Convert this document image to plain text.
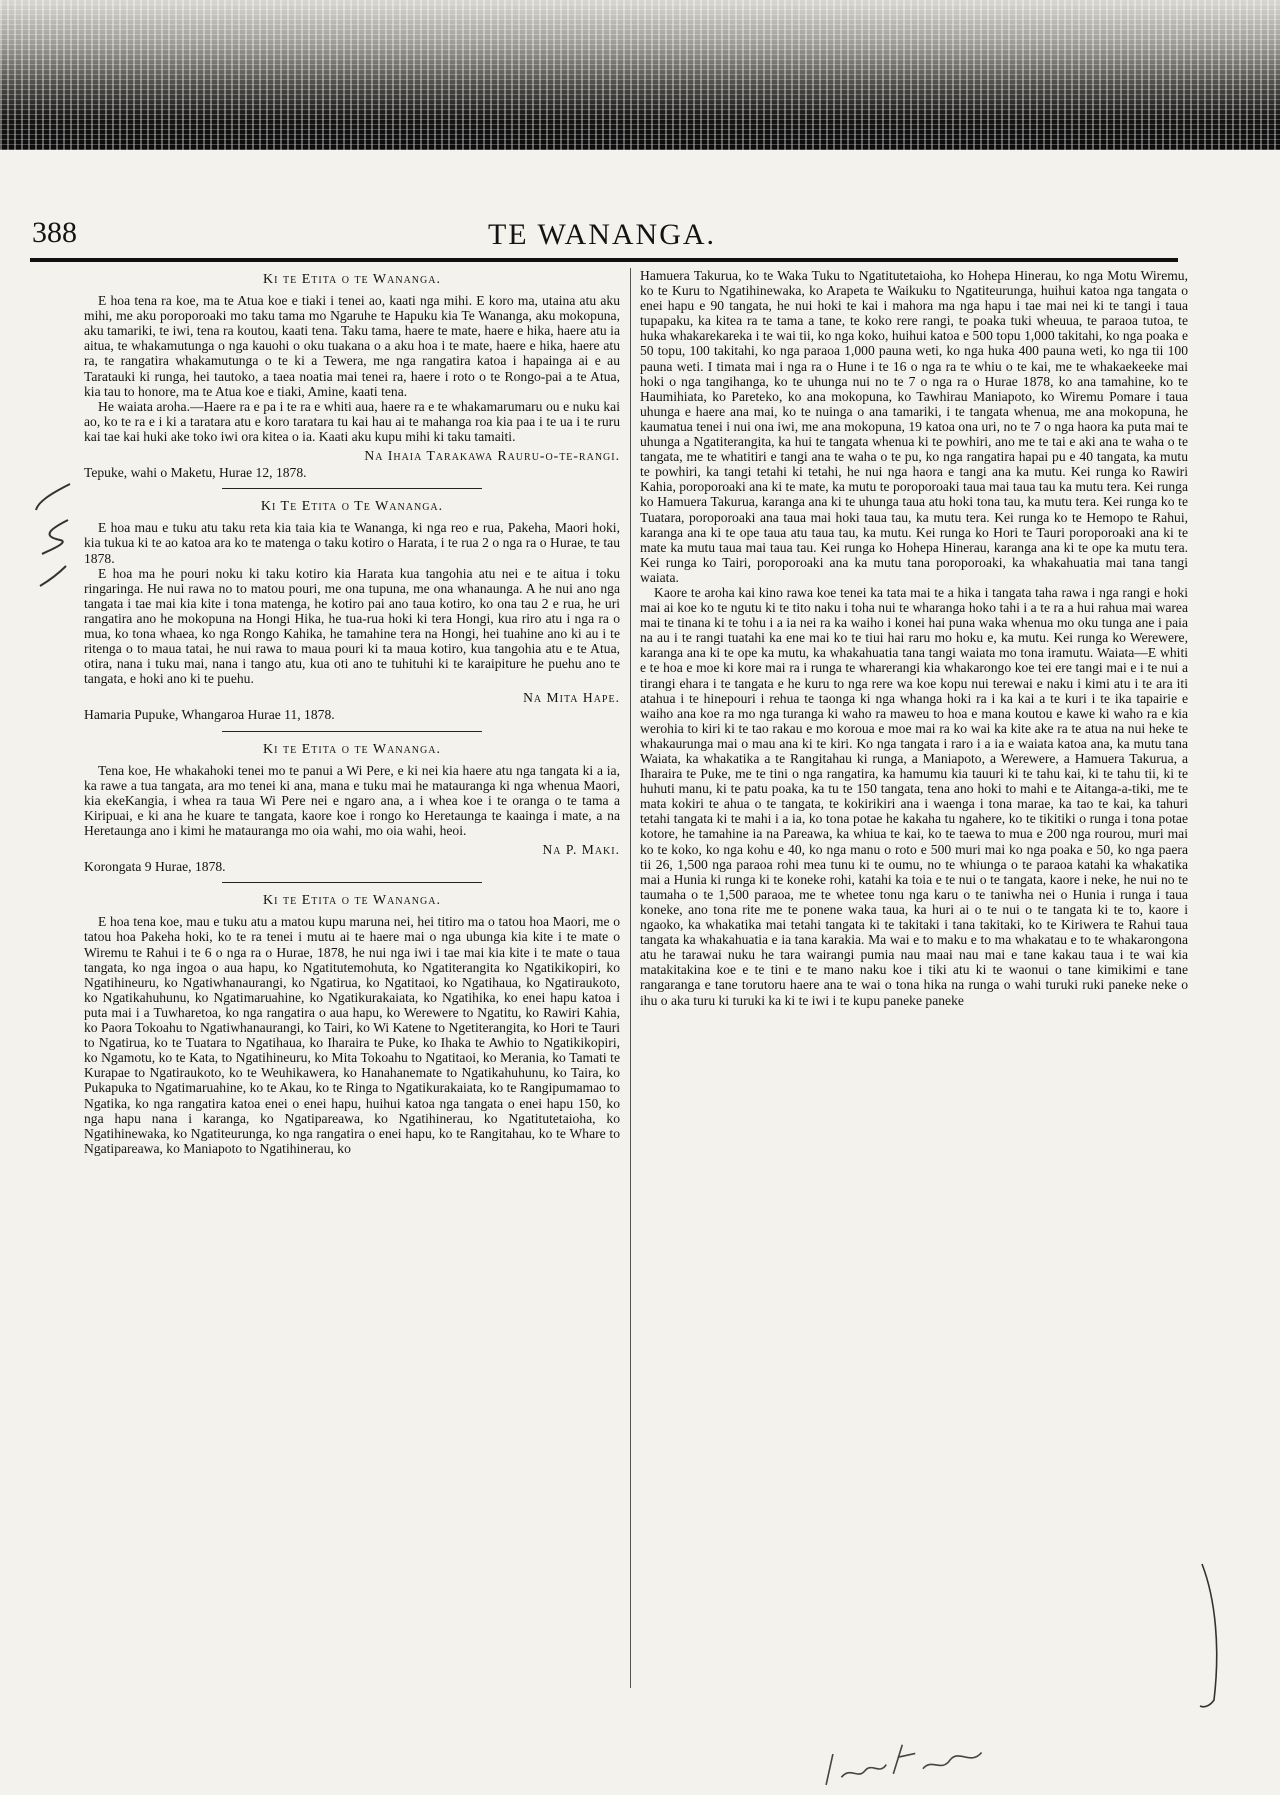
388	TE WANANGA.
Ki te Etita o te Wananga.

E hoa tena ra koe, ma te Atua koe e tiaki i tenei ao, kaati nga mihi. E koro ma, utaina atu aku mihi, me aku poroporoaki mo taku tama mo Ngaruhe te Hapuku kia Te Wananga, aku mokopuna, aku tamariki, te iwi, tena ra koutou, kaati tena. Taku tama, haere te mate, haere e hika, haere atu ia aitua, te whakamutunga o nga kauohi o oku tuakana o a aku hoa i te mate, haere e hika, haere atu ra, te rangatira whakamutunga o te ki a Tewera, me nga rangatira katoa i hapainga ai e au Taratauki ki runga, hei tautoko, a taea noatia mai tenei ra, haere i roto o te Rongo-pai a te Atua, kia tau to honore, ma te Atua koe e tiaki, Amine, kaati tena.

He waiata aroha.—Haere ra e pa i te ra e whiti aua, haere ra e te whakamarumaru ou e nuku kai ao, ko te ra e i ki a taratara atu e koro taratara tu kai hau ai te mahanga roa kia paa i te ua i te ruru kai tae kai huki ake toko iwi ora kitea o ia. Kaati aku kupu mihi ki taku tamaiti.

Na Ihaia Tarakawa Rauru-o-te-rangi.
Tepuke, wahi o Maketu, Hurae 12, 1878.
Ki Te Etita o Te Wananga.

E hoa mau e tuku atu taku reta kia taia kia te Wananga, ki nga reo e rua, Pakeha, Maori hoki, kia tukua ki te ao katoa ara ko te matenga o taku kotiro o Harata, i te rua 2 o nga ra o Hurae, te tau 1878.

E hoa ma he pouri noku ki taku kotiro kia Harata kua tangohia atu nei e te aitua i toku ringaringa. He nui rawa no to matou pouri, me ona tupuna, me ona whanaunga. A he nui ano nga tangata i tae mai kia kite i tona matenga, he kotiro pai ano taua kotiro, ko ona tau 2 e rua, he uri rangatira ano he mokopuna na Hongi Hika, he tua-rua hoki ki tera Hongi, kua riro atu i nga ra o mua, ko tona whaea, ko nga Rongo Kahika, he tamahine tera na Hongi, hei tuahine ano ki au i te ritenga o to maua tatai, he nui rawa to maua pouri ki ta maua kotiro, kua tangohia atu e te Atua, otira, nana i tuku mai, nana i tango atu, kua oti ano te tuhituhi ki te karaipiture he puehu ano te tangata, e hoki ano ki te puehu.

Na Mita Hape.
Hamaria Pupuke, Whangaroa Hurae 11, 1878.
Ki te Etita o te Wananga.

Tena koe, He whakahoki tenei mo te panui a Wi Pere, e ki nei kia haere atu nga tangata ki a ia, ka rawe a tua tangata, ara mo tenei ki ana, mana e tuku mai he matauranga ki nga whenua Maori, kia ekeKangia, i whea ra taua Wi Pere nei e ngaro ana, a i whea koe i te oranga o te tama a Kiripuai, e ki ana he kuare te tangata, kaore koe i rongo ko Heretaunga te kaainga i mate, a na Heretaunga ano i kimi he matauranga mo oia wahi, mo oia wahi, heoi.

Na P. Maki.
Korongata 9 Hurae, 1878.
Ki te Etita o te Wananga.

E hoa tena koe, mau e tuku atu a matou kupu maruna nei, hei titiro ma o tatou hoa Maori, me o tatou hoa Pakeha hoki, ko te ra tenei i mutu ai te haere mai o nga ubunga kia kite i te mate o Wiremu te Rahui i te 6 o nga ra o Hurae, 1878, he nui nga iwi i tae mai kia kite i te mate o taua tangata, ko nga ingoa o aua hapu, ko Ngatitutemohuta, ko Ngatiterangita ko Ngatikikopiri, ko Ngatihineuru, ko Ngatiwhanaurangi, ko Ngatirua, ko Ngatitaoi, ko Ngatihaua, ko Ngatiraukoto, ko Ngatikahuhunu, ko Ngatimaruahine, ko Ngatikurakaiata, ko Ngatihika, ko enei hapu katoa i puta mai i a Tuwharetoa, ko nga rangatira o aua hapu, ko Werewere to Ngatitu, ko Rawiri Kahia, ko Paora Tokoahu to Ngatiwhanaurangi, ko Tairi, ko Wi Katene to Ngetiterangita, ko Hori te Tauri to Ngatirua, ko te Tuatara to Ngatihaua, ko Iharaira te Puke, ko Ihaka te Awhio to Ngatikikopiri, ko Ngamotu, ko te Kata, to Ngatihineuru, ko Mita Tokoahu to Ngatitaoi, ko Merania, ko Tamati te Kurapae to Ngatiraukoto, ko te Weuhikawera, ko Hanahanemate to Ngatikahuhunu, ko Taira, ko Pukapuka to Ngatimaruahine, ko te Akau, ko te Ringa to Ngatikurakaiata, ko te Rangipumamao to Ngatika, ko nga rangatira katoa enei o enei hapu, huihui katoa nga tangata o enei hapu 150, ko nga hapu nana i karanga, ko Ngatipareawa, ko Ngatihinerau, ko Ngatitutetaioha, ko Ngatihinewaka, ko Ngatiteurunga, ko nga rangatira o enei hapu, ko te Rangitahau, ko te Whare to Ngatipareawa, ko Maniapoto to Ngatihinerau, ko

Hamuera Takurua, ko te Waka Tuku to Ngatitutetaioha, ko Hohepa Hinerau, ko nga Motu Wiremu, ko te Kuru to Ngatihinewaka, ko Arapeta te Waikuku to Ngatiteurunga, huihui katoa nga tangata o enei hapu e 90 tangata, he nui hoki te kai i mahora ma nga hapu i tae mai nei ki te tangi i taua tupapaku, ka kitea ra te tama a tane, te koko rere rangi, te poaka tuki wheuua, te paraoa tutoa, te huka whakarekareka i te wai tii, ko nga koko, huihui katoa e 500 topu 1,000 takitahi, ko nga poaka e 50 topu, 100 takitahi, ko nga paraoa 1,000 pauna weti, ko nga huka 400 pauna weti, ko nga tii 100 pauna weti. I timata mai i nga ra o Hune i te 16 o nga ra te whiu o te kai, me te whakaekeeke mai hoki o nga tangihanga, ko te uhunga nui no te 7 o nga ra o Hurae 1878, ko ana tamahine, ko te Haumihiata, ko Pareteko, ko ana mokopuna, ko Tawhirau Maniapoto, ko Wiremu Pomare i taua uhunga e haere ana mai, ko te nuinga o ana tamariki, i te tangata whenua, me ana mokopuna, he kaumatua tenei i nui ona iwi, me ana mokopuna, 19 katoa ona uri, no te 7 o nga haora ka puta mai te uhunga a Ngatiterangita, ka hui te tangata whenua ki te powhiri, ano me te tai e aki ana te waha o te tangata, me te whatitiri e tangi ana te waha o te pu, ko nga rangatira hapai pu e 40 tangata, ka mutu te powhiri, ka tangi tetahi ki tetahi, he nui nga haora e tangi ana ka mutu. Kei runga ko Rawiri Kahia, poroporoaki ana ki te mate, ka mutu te poroporoaki taua mai taua tau ka mutu tera. Kei runga ko Hamuera Takurua, karanga ana ki te uhunga taua atu hoki tona tau, ka mutu tera. Kei runga ko te Tuatara, poroporoaki ana taua mai hoki taua tau, ka mutu tera. Kei runga ko te Hemopo te Rahui, karanga ana ki te ope taua atu taua tau, ka mutu. Kei runga ko Hori te Tauri poroporoaki ana ki te mate ka mutu taua mai taua tau. Kei runga ko Hohepa Hinerau, karanga ana ki te ope ka mutu tera. Kei runga ko Tairi, poroporoaki ana ka mutu tana poroporoaki, ka whakahuatia mai tana tangi waiata.

Kaore te aroha kai kino rawa koe tenei ka tata mai te a hika i tangata taha rawa i nga rangi e hoki mai ai koe ko te ngutu ki te tito naku i toha nui te wharanga hoko tahi i a te ra a hui rahua mai warea mai te tinana ki te tohu i a ia nei ra ka waiho i konei hai puna waka whenua mo oku tunga ane i paia na au i te rangi tuatahi ka ene mai ko te tiui hai raru mo hoku e, ka mutu. Kei runga ko Werewere, karanga ana ki te ope ka mutu, ka whakahuatia tana tangi waiata mo tona iramutu. Waiata—E whiti e te hoa e moe ki kore mai ra i runga te wharerangi kia whakarongo koe tei ere tangi mai e i te nui a tirangi ehara i te tangata e he kuru to nga rere wa koe kopu nui terewai e naku i kimi atu i te ara iti atahua i te hinepouri i rehua te taonga ki nga whanga hoki ra i ka kai a te kuri i te ika tapairie e waiho ana koe ra mo nga turanga ki waho ra maweu to hoa e mana koutou e kawe ki waho ra e kia werohia to kiri ki te tao rakau e mo koroua e moe mai ra ko wai ka kite ake ra te atua na nui heke te whakaurunga mai o mau ana ki te kiri. Ko nga tangata i raro i a ia e waiata katoa ana, ka mutu tana Waiata, ka whakatika a te Rangitahau ki runga, a Maniapoto, a Werewere, a Hamuera Takurua, a Iharaira te Puke, me te tini o nga rangatira, ka hamumu kia tauuri ki te tahu kai, ki te tahu tii, ki te huhuti manu, ki te patu poaka, ka tu te 150 tangata, tena ano hoki to mahi e te Aitanga-a-tiki, me te mata kokiri te ahua o te tangata, te kokirikiri ana i waenga i tona marae, ka tao te kai, ka tahuri tetahi tangata ki te mahi i a ia, ko tona potae he kakaha tu ngahere, ko te tikitiki o runga i tona potae kotore, he tamahine ia na Pareawa, ka whiua te kai, ko te taewa to mua e 200 nga rourou, muri mai ko te koko, ko nga kohu e 40, ko nga manu o roto e 500 muri mai ko nga poaka e 50, ko nga paera tii 26, 1,500 nga paraoa rohi mea tunu ki te oumu, no te whiunga o te paraoa katahi ka whakatika mai a Hunia ki runga ki te koneke rohi, katahi ka toia e te nui o te tangata, kaore i neke, he nui no te taumaha o te 1,500 paraoa, me te whetee tonu nga karu o te taniwha nei o Hunia i runga i taua koneke, ano tona rite me te ponene waka taua, ka huri ai o te nui o te tangata ki te to, kaore i ngaoko, ka whakatika mai tetahi tangata ki te takitaki i tana takitaki, ko te Kiriwera te Rahui taua tangata ka whakahuatia e ia tana karakia. Ma wai e to maku e to ma whakatau e to te whakarongona atu he tarawai nuku he tara wairangi pumia nau maai nau mai e tane kakau taua i te wai kia matakitakina koe e te tini e te mano naku koe i tiki atu ki te waonui o tane kimikimi e tane rangaranga e tane torutoru haere ana te wai o tona hika na runga o wahi turuki ruki paneke neke o ihu o aka turu ki turuki ka ki te iwi i te kupu paneke paneke
